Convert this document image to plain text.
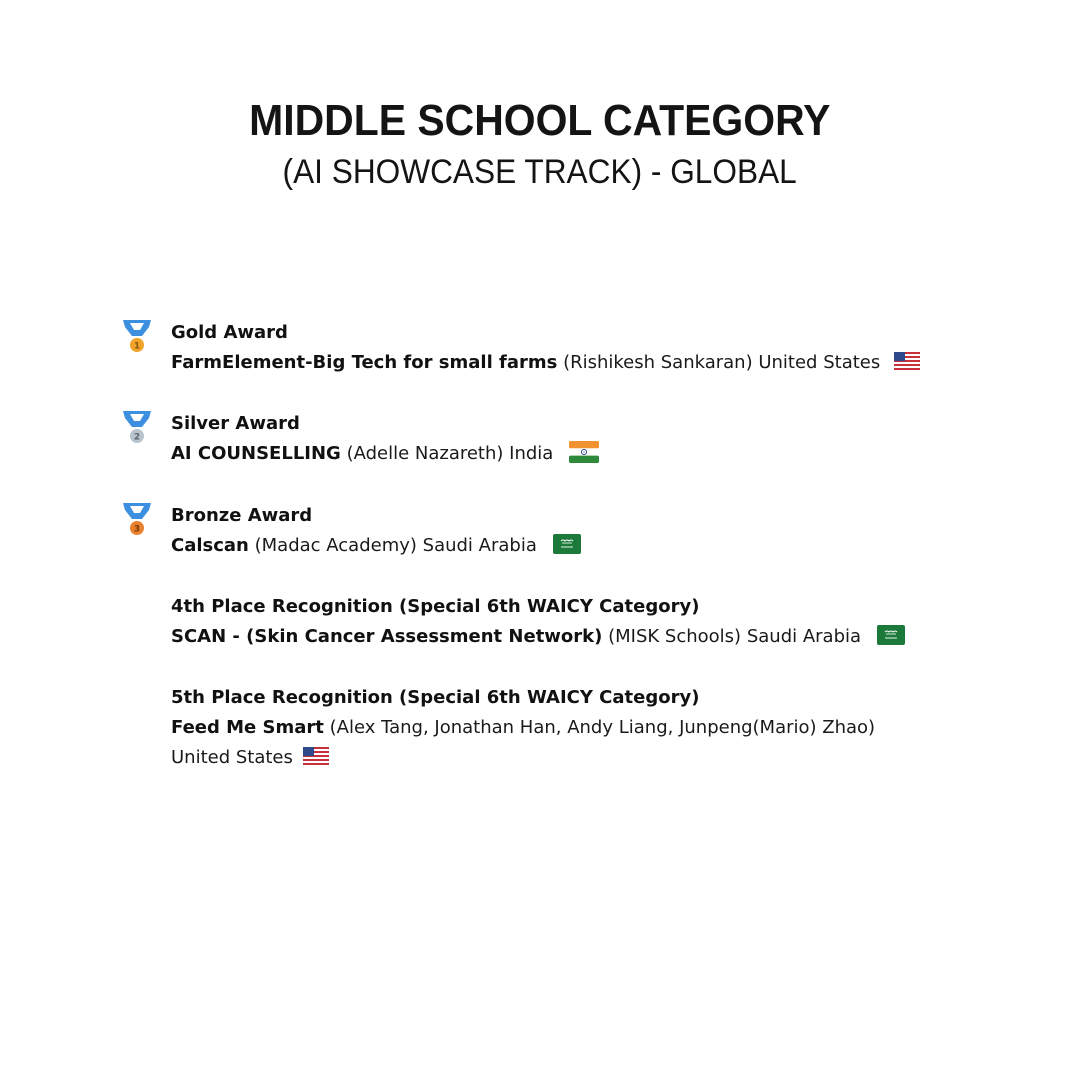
MIDDLE SCHOOL CATEGORY
(AI SHOWCASE TRACK) - GLOBAL
1
2
3
Gold Award
FarmElement-Big Tech for small farms (Rishikesh Sankaran) United States
Silver Award
AI COUNSELLING (Adelle Nazareth) India
Bronze Award
Calscan (Madac Academy) Saudi Arabia
4th Place Recognition (Special 6th WAICY Category)
SCAN - (Skin Cancer Assessment Network) (MISK Schools) Saudi Arabia
5th Place Recognition (Special 6th WAICY Category)
Feed Me Smart (Alex Tang, Jonathan Han, Andy Liang, Junpeng(Mario) Zhao)
United States
